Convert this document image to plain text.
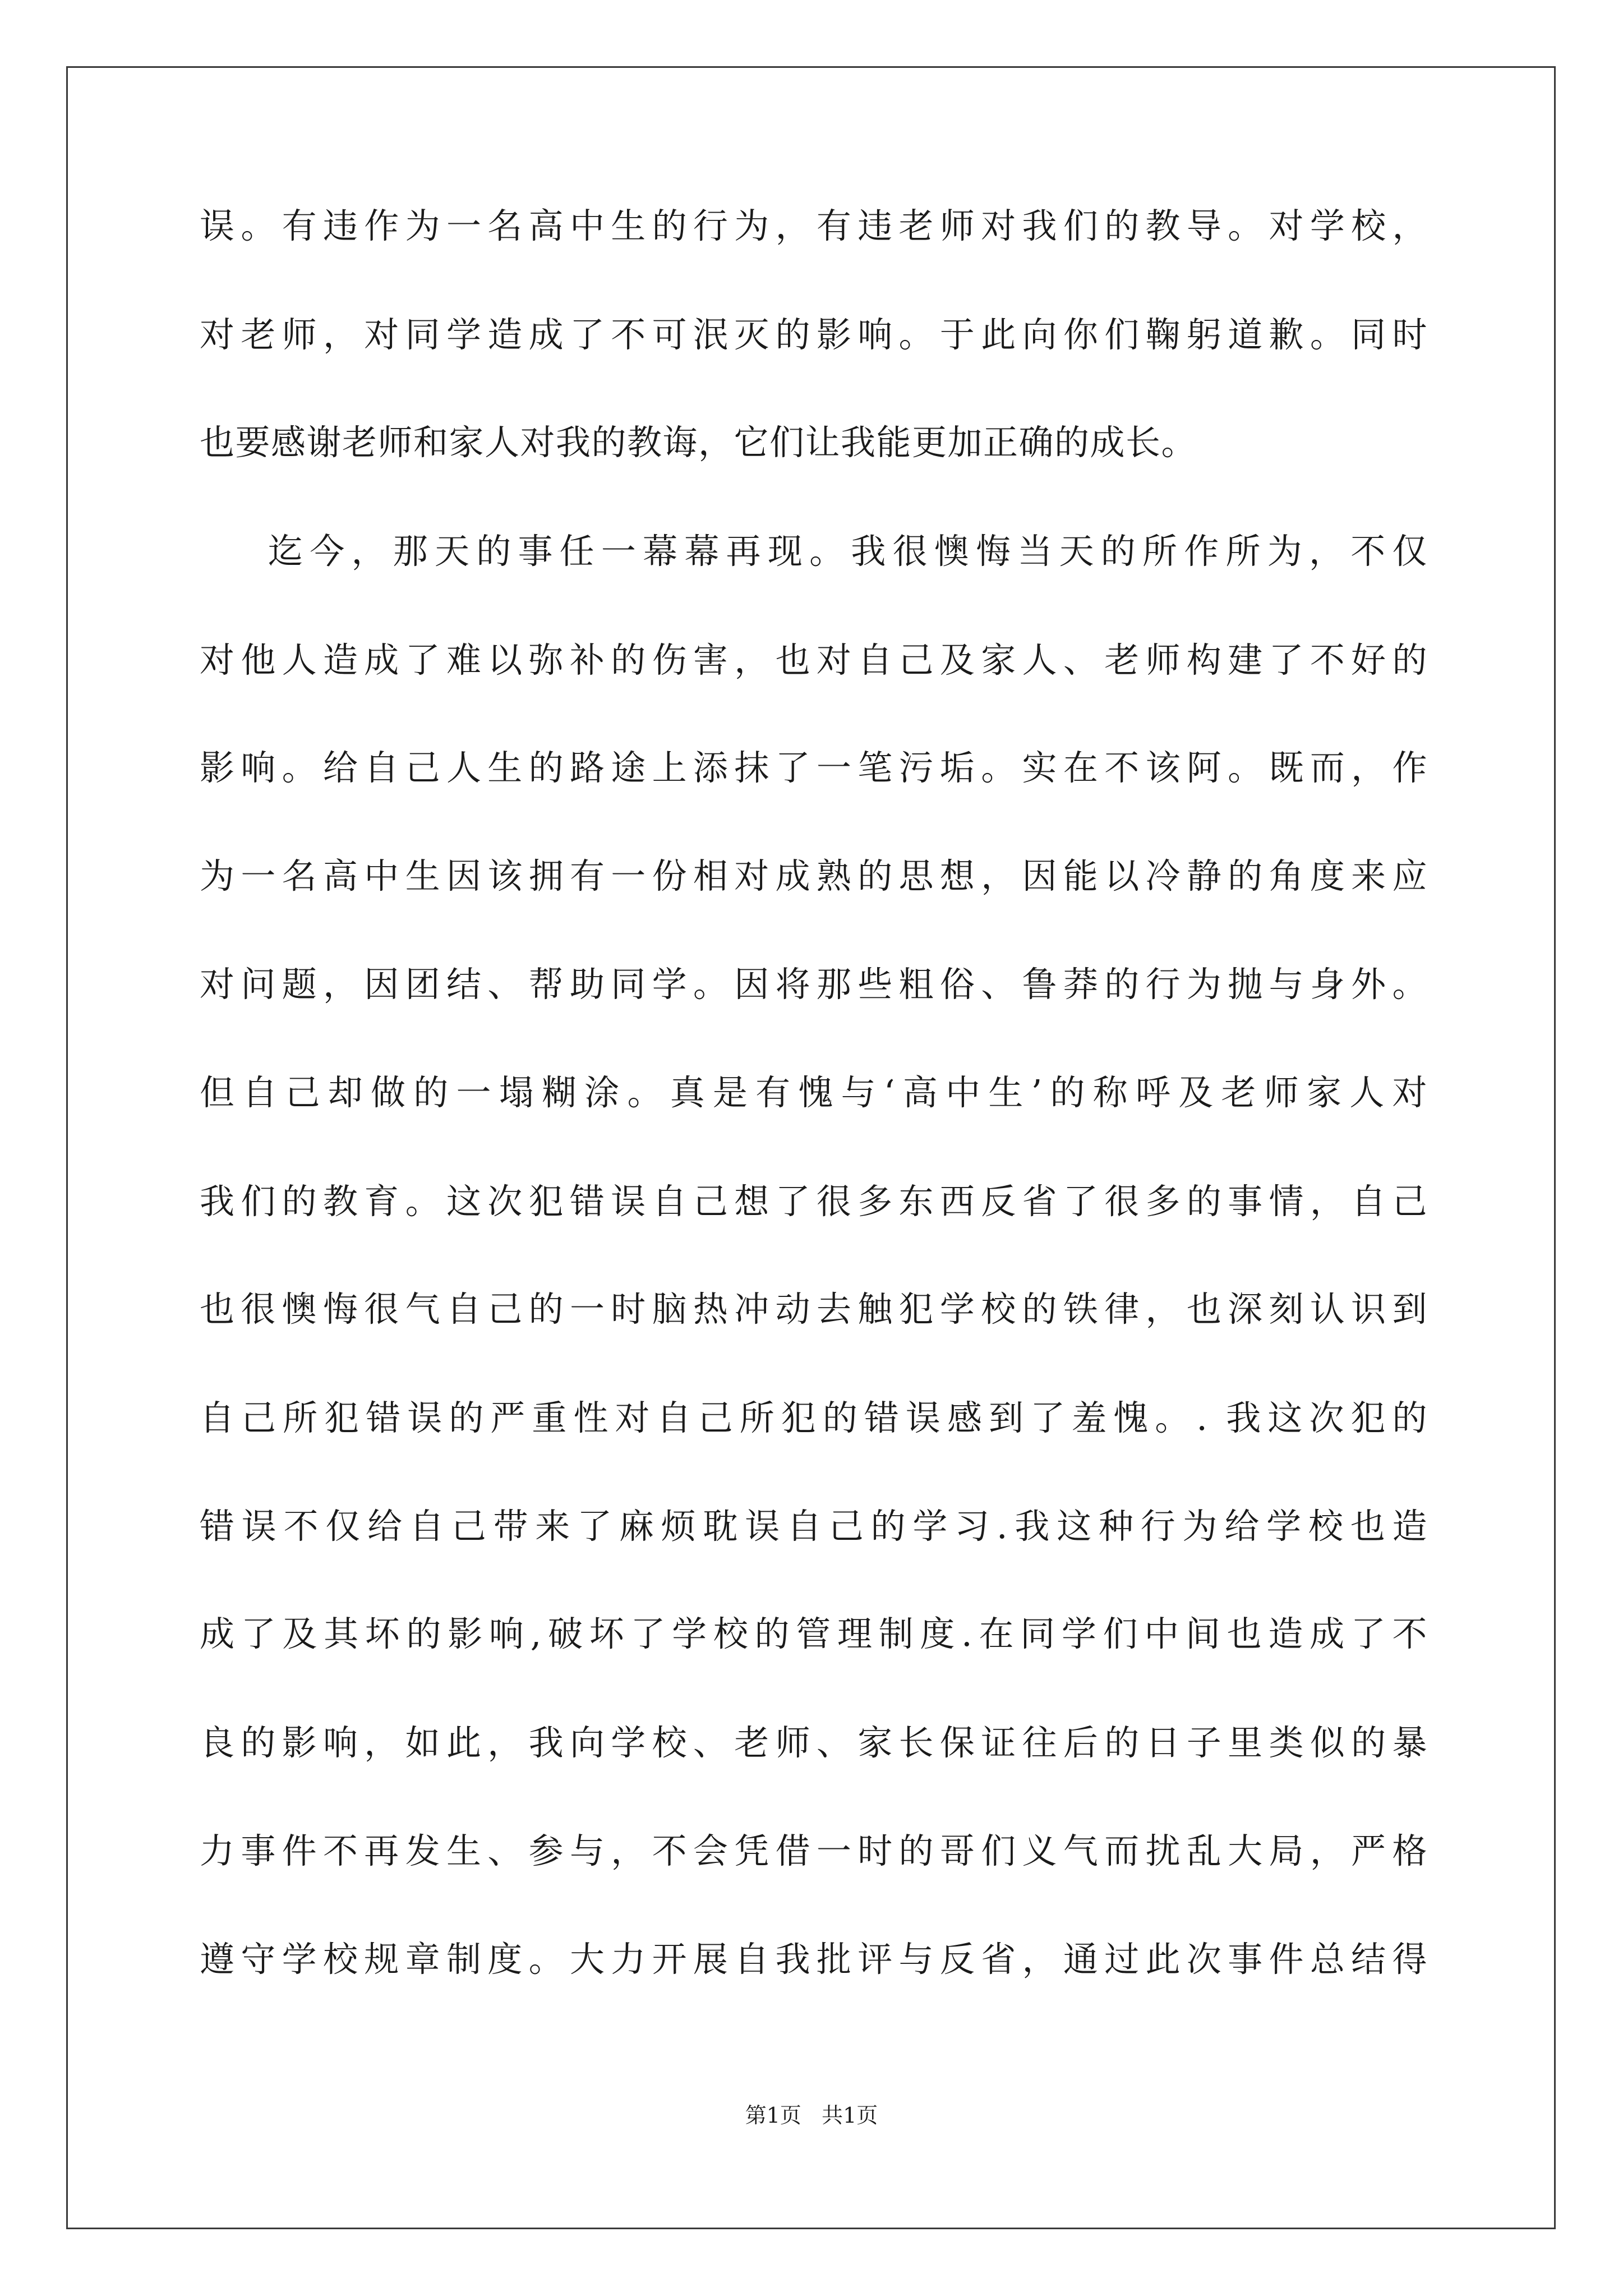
误。有违作为一名高中生的行为，有违老师对我们的教导。对学校，
对老师，对同学造成了不可泯灭的影响。于此向你们鞠躬道歉。同时
也要感谢老师和家人对我的教诲，它们让我能更加正确的成长。
迄今，那天的事任一幕幕再现。我很懊悔当天的所作所为，不仅
对他人造成了难以弥补的伤害，也对自己及家人、老师构建了不好的
影响。给自己人生的路途上添抹了一笔污垢。实在不该阿。既而，作
为一名高中生因该拥有一份相对成熟的思想，因能以冷静的角度来应
对问题，因团结、帮助同学。因将那些粗俗、鲁莽的行为抛与身外。
但自己却做的一塌糊涂。真是有愧与‘高中生’的称呼及老师家人对
我们的教育。这次犯错误自己想了很多东西反省了很多的事情，自己
也很懊悔很气自己的一时脑热冲动去触犯学校的铁律，也深刻认识到
自己所犯错误的严重性对自己所犯的错误感到了羞愧。. 我这次犯的
错误不仅给自己带来了麻烦耽误自己的学习.我这种行为给学校也造
成了及其坏的影响,破坏了学校的管理制度.在同学们中间也造成了不
良的影响，如此，我向学校、老师、家长保证往后的日子里类似的暴
力事件不再发生、参与，不会凭借一时的哥们义气而扰乱大局，严格
遵守学校规章制度。大力开展自我批评与反省，通过此次事件总结得
第1页   共1页
